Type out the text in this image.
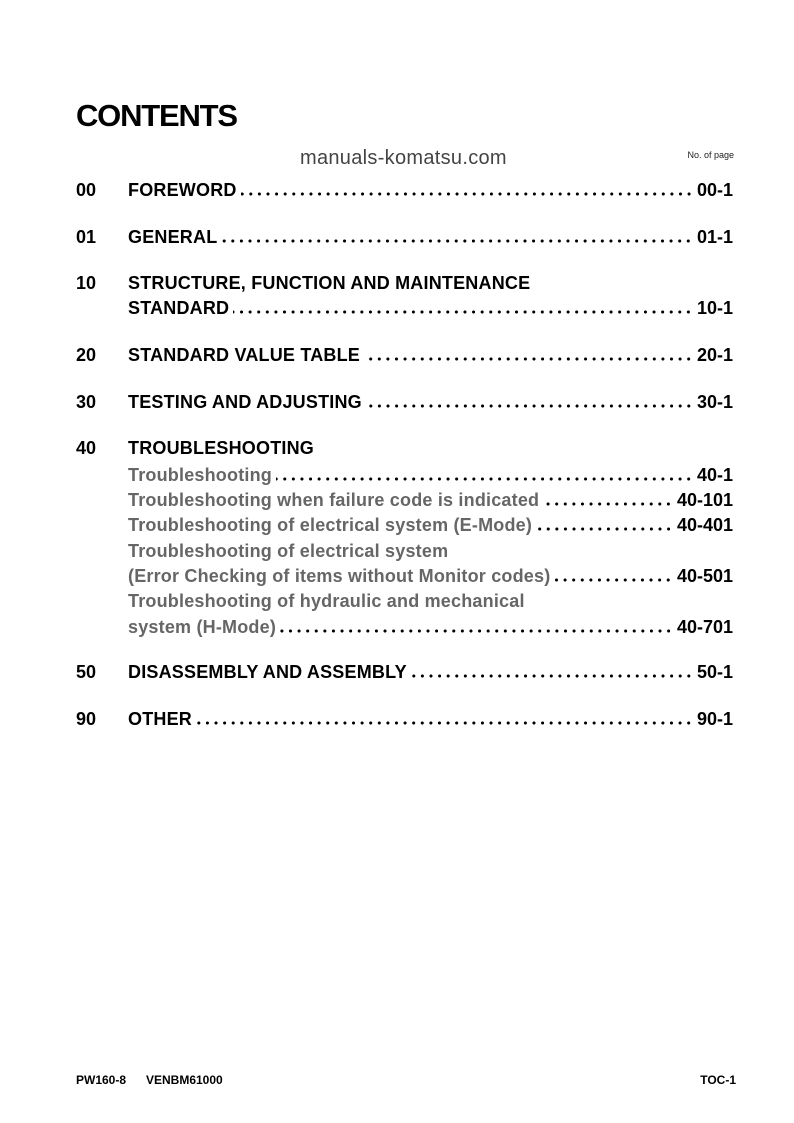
CONTENTS
No. of page
manuals-komatsu.com
00	FOREWORD	00-1
01	GENERAL	01-1
10	STRUCTURE, FUNCTION AND MAINTENANCE
STANDARD	10-1
20	STANDARD VALUE TABLE	20-1
30	TESTING AND ADJUSTING	30-1
40	TROUBLESHOOTING
Troubleshooting	40-1
Troubleshooting when failure code is indicated	40-101
Troubleshooting of electrical system (E-Mode)	40-401
Troubleshooting of electrical system
(Error Checking of items without Monitor codes)	40-501
Troubleshooting of hydraulic and mechanical
system (H-Mode)	40-701
50	DISASSEMBLY AND ASSEMBLY	50-1
90	OTHER	90-1
PW160-8 VENBM61000	TOC-1
